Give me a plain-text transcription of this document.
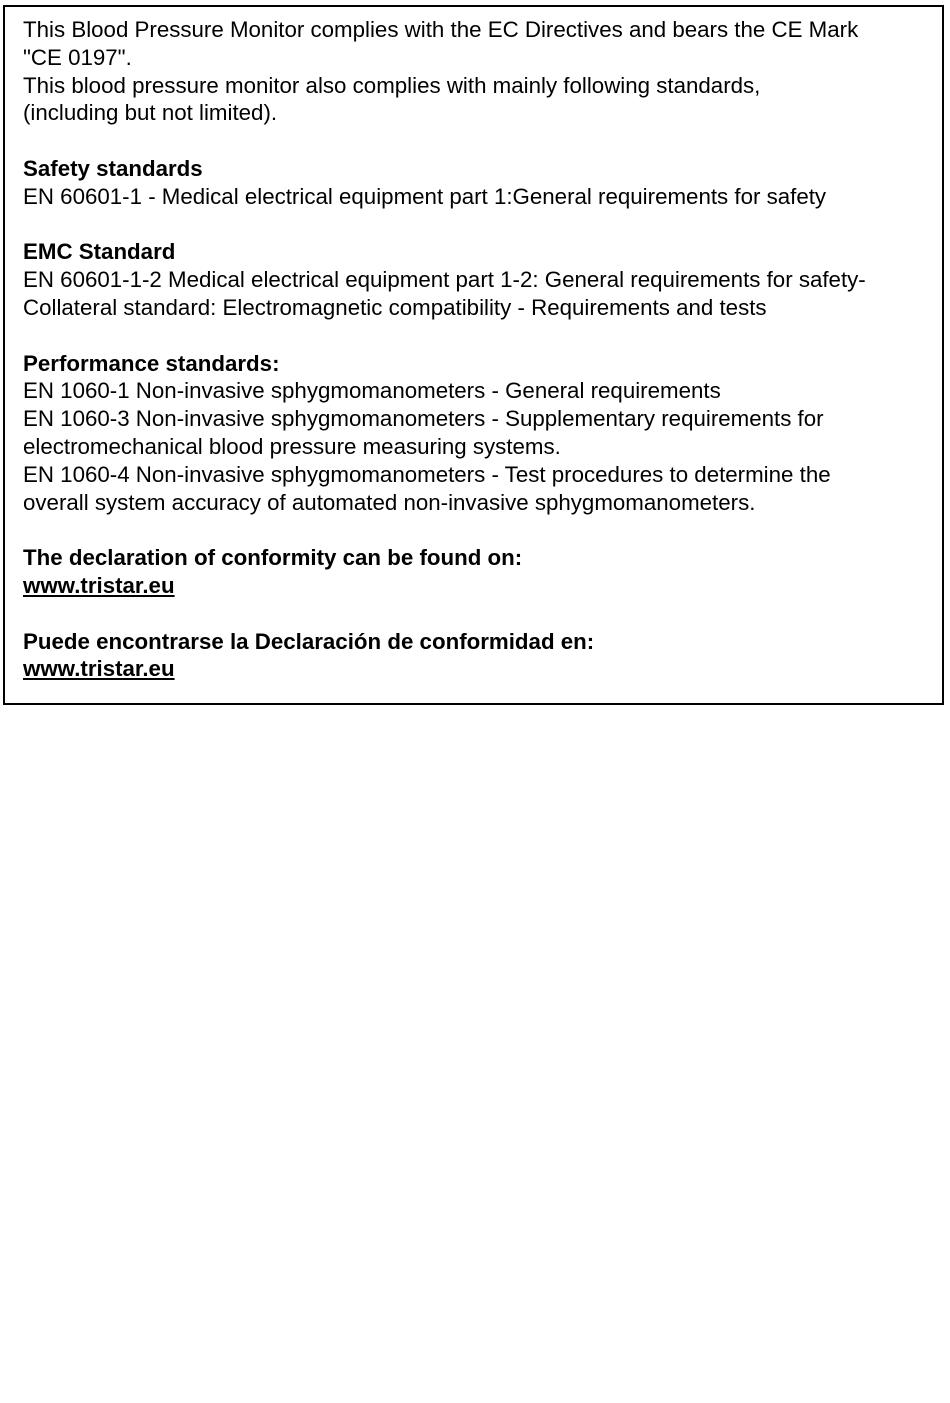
This Blood Pressure Monitor complies with the EC Directives and bears the CE Mark
"CE 0197".
This blood pressure monitor also complies with mainly following standards,
(including but not limited).
Safety standards
EN 60601-1 - Medical electrical equipment part 1:General requirements for safety
EMC Standard
EN 60601-1-2 Medical electrical equipment part 1-2: General requirements for safety-
Collateral standard: Electromagnetic compatibility - Requirements and tests
Performance standards:
EN 1060-1 Non-invasive sphygmomanometers - General requirements
EN 1060-3 Non-invasive sphygmomanometers - Supplementary requirements for
electromechanical blood pressure measuring systems.
EN 1060-4 Non-invasive sphygmomanometers - Test procedures to determine the
overall system accuracy of automated non-invasive sphygmomanometers.
The declaration of conformity can be found on:
www.tristar.eu
Puede encontrarse la Declaración de conformidad en:
www.tristar.eu
